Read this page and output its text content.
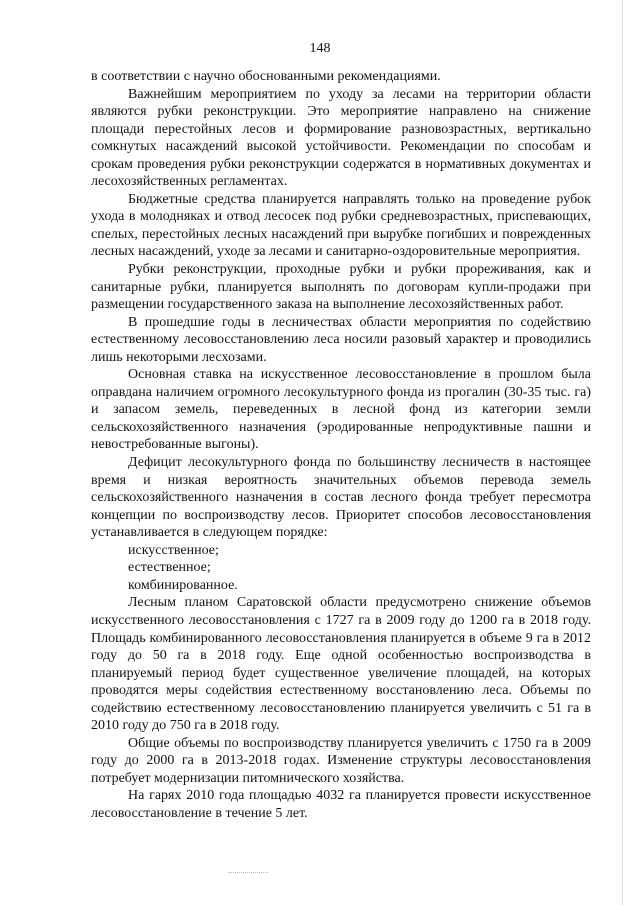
148

в соответствии с научно обоснованными рекомендациями.

Важнейшим мероприятием по уходу за лесами на территории области являются рубки реконструкции. Это мероприятие направлено на снижение площади перестойных лесов и формирование разновозрастных, вертикально сомкнутых насаждений высокой устойчивости. Рекомендации по способам и срокам проведения рубки реконструкции содержатся в нормативных документах и лесохозяйственных регламентах.

Бюджетные средства планируется направлять только на проведение рубок ухода в молодняках и отвод лесосек под рубки средневозрастных, приспевающих, спелых, перестойных лесных насаждений при вырубке погибших и поврежденных лесных насаждений, уходе за лесами и санитарно-оздоровительные мероприятия.

Рубки реконструкции, проходные рубки и рубки прореживания, как и санитарные рубки, планируется выполнять по договорам купли-продажи при размещении государственного заказа на выполнение лесохозяйственных работ.

В прошедшие годы в лесничествах области мероприятия по содействию естественному лесовосстановлению леса носили разовый характер и проводились лишь некоторыми лесхозами.

Основная ставка на искусственное лесовосстановление в прошлом была оправдана наличием огромного лесокультурного фонда из прогалин (30-35 тыс. га) и запасом земель, переведенных в лесной фонд из категории земли сельскохозяйственного назначения (эродированные непродуктивные пашни и невостребованные выгоны).

Дефицит лесокультурного фонда по большинству лесничеств в настоящее время и низкая вероятность значительных объемов перевода земель сельскохозяйственного назначения в состав лесного фонда требует пересмотра концепции по воспроизводству лесов. Приоритет способов лесовосстановления устанавливается в следующем порядке:

искусственное;

естественное;

комбинированное.

Лесным планом Саратовской области предусмотрено снижение объемов искусственного лесовосстановления с 1727 га в 2009 году до 1200 га в 2018 году. Площадь комбинированного лесовосстановления планируется в объеме 9 га в 2012 году до 50 га в 2018 году. Еще одной особенностью воспроизводства в планируемый период будет существенное увеличение площадей, на которых проводятся меры содействия естественному восстановлению леса. Объемы по содействию естественному лесовосстановлению планируется увеличить с 51 га в 2010 году до 750 га в 2018 году.

Общие объемы по воспроизводству планируется увеличить с 1750 га в 2009 году до 2000 га в 2013-2018 годах. Изменение структуры лесовосстановления потребует модернизации питомнического хозяйства.

На гарях 2010 года площадью 4032 га планируется провести искусственное лесовосстановление в течение 5 лет.
